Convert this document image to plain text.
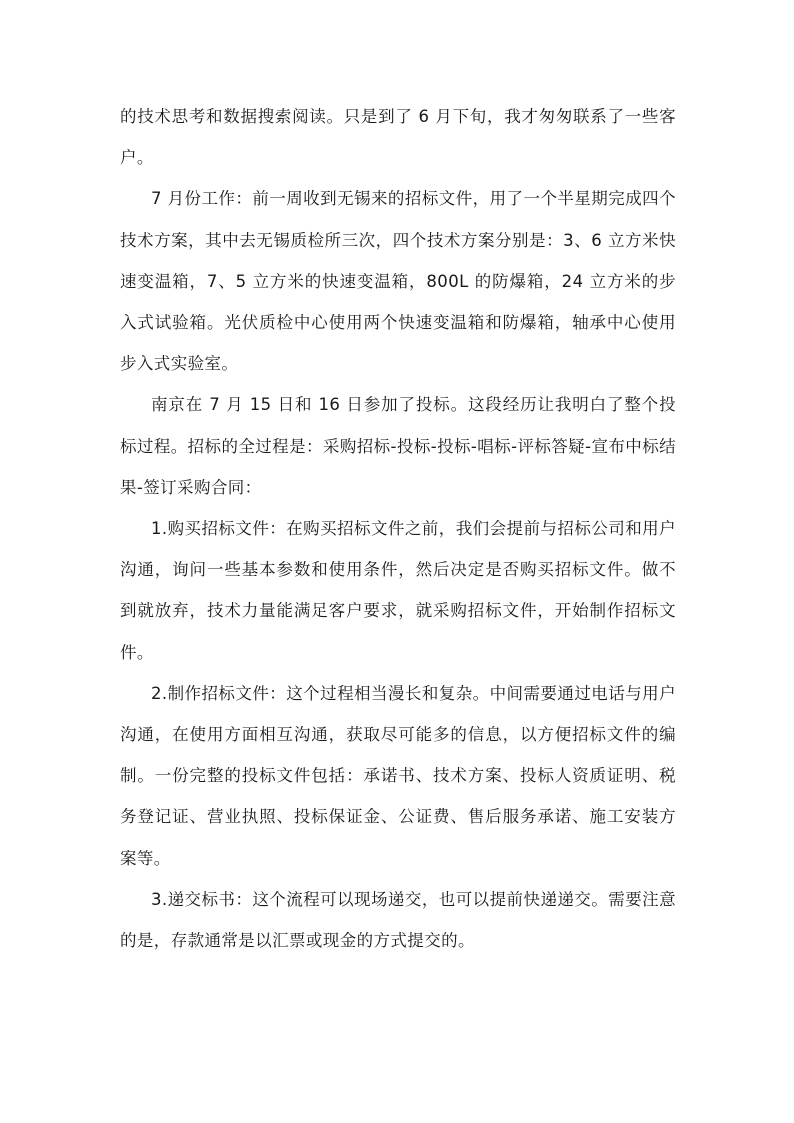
的技术思考和数据搜索阅读。只是到了 6 月下旬，我才匆匆联系了一些客户。

7 月份工作：前一周收到无锡来的招标文件，用了一个半星期完成四个技术方案，其中去无锡质检所三次，四个技术方案分别是：3、6 立方米快速变温箱，7、5 立方米的快速变温箱，800L 的防爆箱，24 立方米的步入式试验箱。光伏质检中心使用两个快速变温箱和防爆箱，轴承中心使用步入式实验室。

南京在 7 月 15 日和 16 日参加了投标。这段经历让我明白了整个投标过程。招标的全过程是：采购招标-投标-投标-唱标-评标答疑-宣布中标结果-签订采购合同：

1.购买招标文件：在购买招标文件之前，我们会提前与招标公司和用户沟通，询问一些基本参数和使用条件，然后决定是否购买招标文件。做不到就放弃，技术力量能满足客户要求，就采购招标文件，开始制作招标文件。

2.制作招标文件：这个过程相当漫长和复杂。中间需要通过电话与用户沟通，在使用方面相互沟通，获取尽可能多的信息，以方便招标文件的编制。一份完整的投标文件包括：承诺书、技术方案、投标人资质证明、税务登记证、营业执照、投标保证金、公证费、售后服务承诺、施工安装方案等。

3.递交标书：这个流程可以现场递交，也可以提前快递递交。需要注意的是，存款通常是以汇票或现金的方式提交的。
